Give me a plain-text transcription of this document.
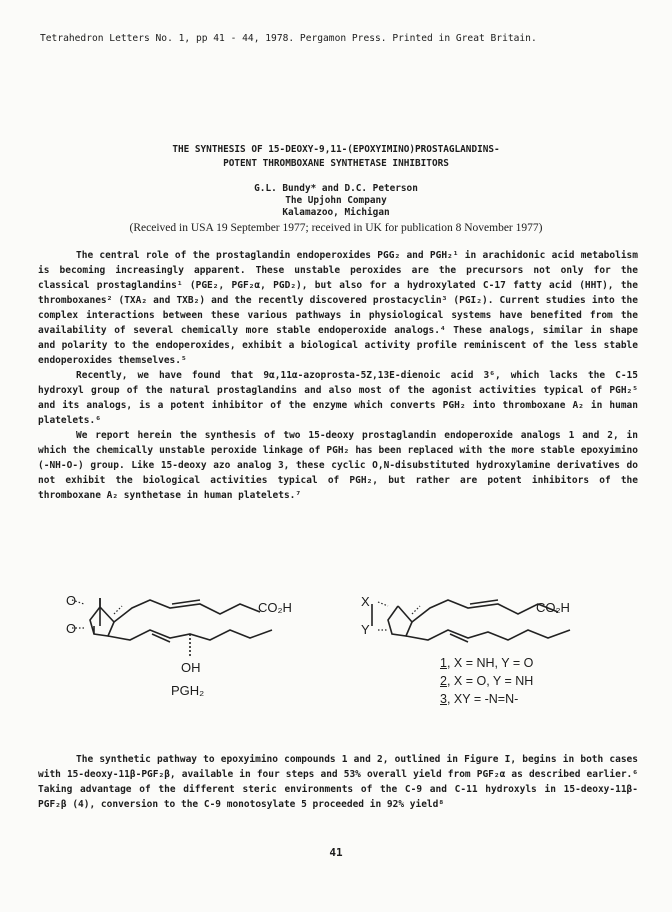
Tetrahedron Letters No. 1, pp 41 - 44, 1978. Pergamon Press. Printed in Great Britain.
THE SYNTHESIS OF 15-DEOXY-9,11-(EPOXYIMINO)PROSTAGLANDINS-
POTENT THROMBOXANE SYNTHETASE INHIBITORS
G.L. Bundy* and D.C. Peterson
The Upjohn Company
Kalamazoo, Michigan
(Received in USA 19 September 1977; received in UK for publication 8 November 1977)

The central role of the prostaglandin endoperoxides PGG₂ and PGH₂¹ in arachidonic acid metabolism is becoming increasingly apparent. These unstable peroxides are the precursors not only for the classical prostaglandins¹ (PGE₂, PGF₂α, PGD₂), but also for a hydroxylated C-17 fatty acid (HHT), the thromboxanes² (TXA₂ and TXB₂) and the recently discovered prostacyclin³ (PGI₂). Current studies into the complex interactions between these various pathways in physiological systems have benefited from the availability of several chemically more stable endoperoxide analogs.⁴ These analogs, similar in shape and polarity to the endoperoxides, exhibit a biological activity profile reminiscent of the less stable endoperoxides themselves.⁵

Recently, we have found that 9α,11α-azoprosta-5Z,13E-dienoic acid 3⁶, which lacks the C-15 hydroxyl group of the natural prostaglandins and also most of the agonist activities typical of PGH₂⁵ and its analogs, is a potent inhibitor of the enzyme which converts PGH₂ into thromboxane A₂ in human platelets.⁶

We report herein the synthesis of two 15-deoxy prostaglandin endoperoxide analogs 1 and 2, in which the chemically unstable peroxide linkage of PGH₂ has been replaced with the more stable epoxyimino (-NH-O-) group. Like 15-deoxy azo analog 3, these cyclic O,N-disubstituted hydroxylamine derivatives do not exhibit the biological activities typical of PGH₂, but rather are potent inhibitors of the thromboxane A₂ synthetase in human platelets.⁷

O
O
CO₂H
OH
PGH₂
X
Y
CO₂H
1, X = NH, Y = O
2, X = O, Y = NH
3, XY = -N=N-

The synthetic pathway to epoxyimino compounds 1 and 2, outlined in Figure I, begins in both cases with 15-deoxy-11β-PGF₂β, available in four steps and 53% overall yield from PGF₂α as described earlier.⁶ Taking advantage of the different steric environments of the C-9 and C-11 hydroxyls in 15-deoxy-11β-PGF₂β (4), conversion to the C-9 monotosylate 5 proceeded in 92% yield⁸

41
